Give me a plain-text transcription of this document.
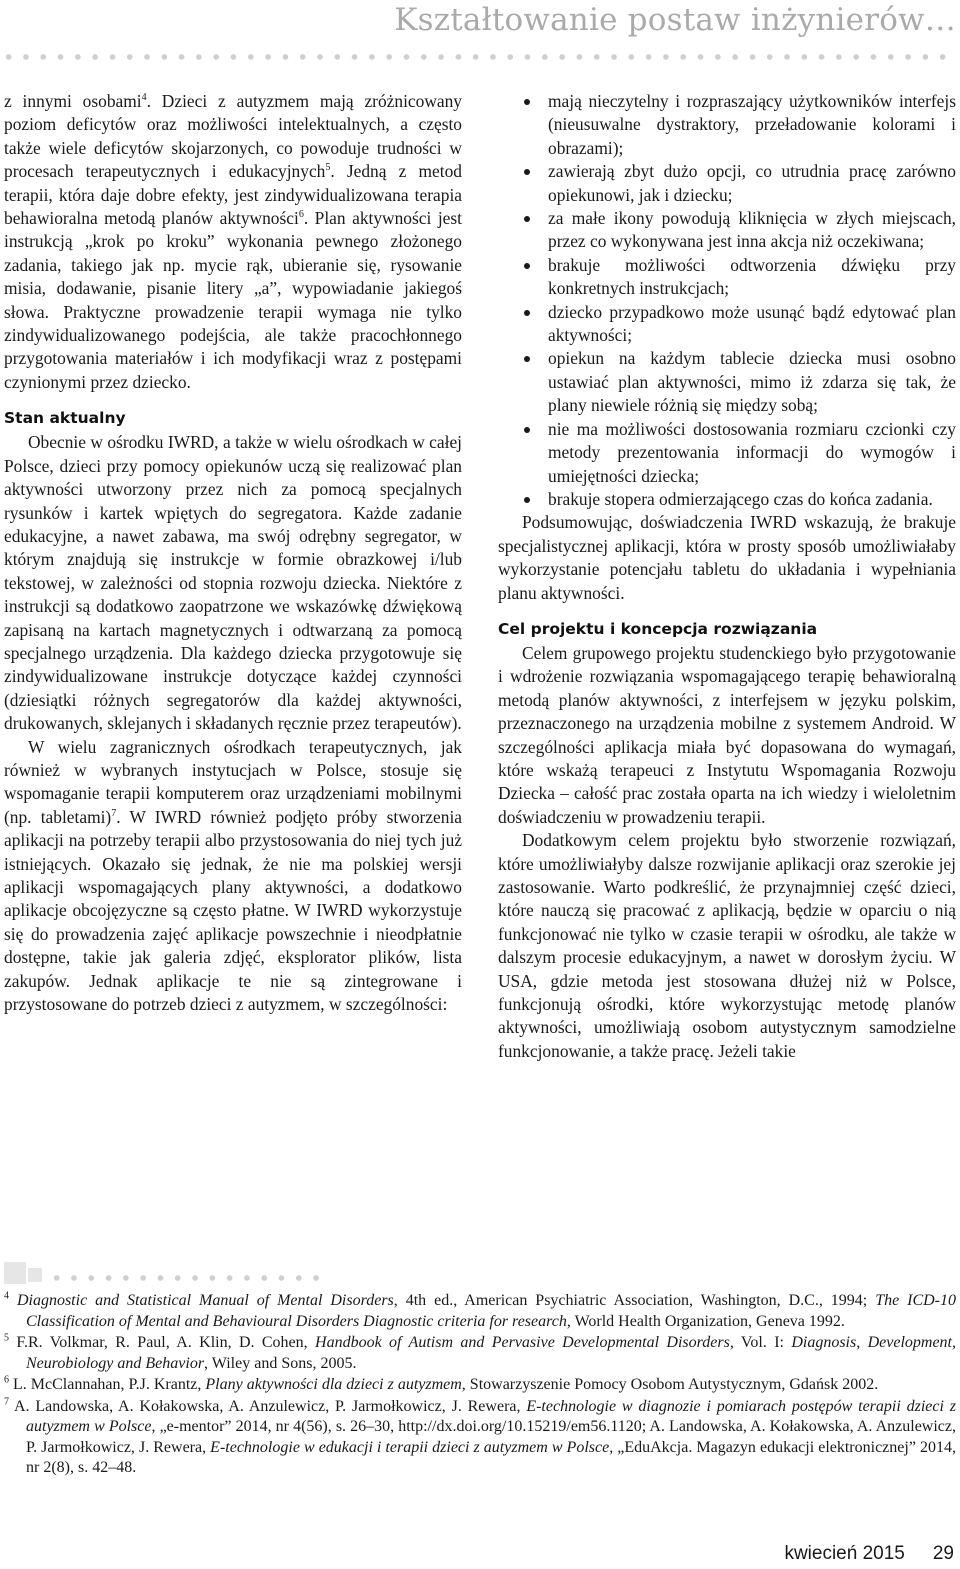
Kształtowanie postaw inżynierów…

z innymi osobami$^4$. Dzieci z autyzmem mają zróżnicowany poziom deficytów oraz możliwości intelektualnych, a często także wiele deficytów skojarzonych, co powoduje trudności w procesach terapeutycznych i edukacyjnych$^5$. Jedną z metod terapii, która daje dobre efekty, jest zindywidualizowana terapia behawioralna metodą planów aktywności$^6$. Plan aktywności jest instrukcją „krok po kroku” wykonania pewnego złożonego zadania, takiego jak np. mycie rąk, ubieranie się, rysowanie misia, dodawanie, pisanie litery „a”, wypowiadanie jakiegoś słowa. Praktyczne prowadzenie terapii wymaga nie tylko zindywidualizowanego podejścia, ale także pracochłonnego przygotowania materiałów i ich modyfikacji wraz z postępami czynionymi przez dziecko.

Stan aktualny

Obecnie w ośrodku IWRD, a także w wielu ośrodkach w całej Polsce, dzieci przy pomocy opiekunów uczą się realizować plan aktywności utworzony przez nich za pomocą specjalnych rysunków i kartek wpiętych do segregatora. Każde zadanie edukacyjne, a nawet zabawa, ma swój odrębny segregator, w którym znajdują się instrukcje w formie obrazkowej i/lub tekstowej, w zależności od stopnia rozwoju dziecka. Niektóre z instrukcji są dodatkowo zaopatrzone we wskazówkę dźwiękową zapisaną na kartach magnetycznych i odtwarzaną za pomocą specjalnego urządzenia. Dla każdego dziecka przygotowuje się zindywidualizowane instrukcje dotyczące każdej czynności (dziesiątki różnych segregatorów dla każdej aktywności, drukowanych, sklejanych i składanych ręcznie przez terapeutów).

W wielu zagranicznych ośrodkach terapeutycznych, jak również w wybranych instytucjach w Polsce, stosuje się wspomaganie terapii komputerem oraz urządzeniami mobilnymi (np. tabletami)$^7$. W IWRD również podjęto próby stworzenia aplikacji na potrzeby terapii albo przystosowania do niej tych już istniejących. Okazało się jednak, że nie ma polskiej wersji aplikacji wspomagających plany aktywności, a dodatkowo aplikacje obcojęzyczne są często płatne. W IWRD wykorzystuje się do prowadzenia zajęć aplikacje powszechnie i nieodpłatnie dostępne, takie jak galeria zdjęć, eksplorator plików, lista zakupów. Jednak aplikacje te nie są zintegrowane i przystosowane do potrzeb dzieci z autyzmem, w szczególności:

mają nieczytelny i rozpraszający użytkowników interfejs (nieusuwalne dystraktory, przeładowanie kolorami i obrazami);
zawierają zbyt dużo opcji, co utrudnia pracę zarówno opiekunowi, jak i dziecku;
za małe ikony powodują kliknięcia w złych miejscach, przez co wykonywana jest inna akcja niż oczekiwana;
brakuje możliwości odtworzenia dźwięku przy konkretnych instrukcjach;
dziecko przypadkowo może usunąć bądź edytować plan aktywności;
opiekun na każdym tablecie dziecka musi osobno ustawiać plan aktywności, mimo iż zdarza się tak, że plany niewiele różnią się między sobą;
nie ma możliwości dostosowania rozmiaru czcionki czy metody prezentowania informacji do wymogów i umiejętności dziecka;
brakuje stopera odmierzającego czas do końca zadania.

Podsumowując, doświadczenia IWRD wskazują, że brakuje specjalistycznej aplikacji, która w prosty sposób umożliwiałaby wykorzystanie potencjału tabletu do układania i wypełniania planu aktywności.

Cel projektu i koncepcja rozwiązania

Celem grupowego projektu studenckiego było przygotowanie i wdrożenie rozwiązania wspomagającego terapię behawioralną metodą planów aktywności, z interfejsem w języku polskim, przeznaczonego na urządzenia mobilne z systemem Android. W szczególności aplikacja miała być dopasowana do wymagań, które wskażą terapeuci z Instytutu Wspomagania Rozwoju Dziecka – całość prac została oparta na ich wiedzy i wieloletnim doświadczeniu w prowadzeniu terapii.

Dodatkowym celem projektu było stworzenie rozwiązań, które umożliwiałyby dalsze rozwijanie aplikacji oraz szerokie jej zastosowanie. Warto podkreślić, że przynajmniej część dzieci, które nauczą się pracować z aplikacją, będzie w oparciu o nią funkcjonować nie tylko w czasie terapii w ośrodku, ale także w dalszym procesie edukacyjnym, a nawet w dorosłym życiu. W USA, gdzie metoda jest stosowana dłużej niż w Polsce, funkcjonują ośrodki, które wykorzystując metodę planów aktywności, umożliwiają osobom autystycznym samodzielne funkcjonowanie, a także pracę. Jeżeli takie

$^4$ Diagnostic and Statistical Manual of Mental Disorders, 4th ed., American Psychiatric Association, Washington, D.C., 1994; The ICD-10 Classification of Mental and Behavioural Disorders Diagnostic criteria for research, World Health Organization, Geneva 1992.

$^5$ F.R. Volkmar, R. Paul, A. Klin, D. Cohen, Handbook of Autism and Pervasive Developmental Disorders, Vol. I: Diagnosis, Development, Neurobiology and Behavior, Wiley and Sons, 2005.

$^6$ L. McClannahan, P.J. Krantz, Plany aktywności dla dzieci z autyzmem, Stowarzyszenie Pomocy Osobom Autystycznym, Gdańsk 2002.

$^7$ A. Landowska, A. Kołakowska, A. Anzulewicz, P. Jarmołkowicz, J. Rewera, E-technologie w diagnozie i pomiarach postępów terapii dzieci z autyzmem w Polsce, „e-mentor” 2014, nr 4(56), s. 26–30, http://dx.doi.org/10.15219/em56.1120; A. Landowska, A. Kołakowska, A. Anzulewicz, P. Jarmołkowicz, J. Rewera, E-technologie w edukacji i terapii dzieci z autyzmem w Polsce, „EduAkcja. Magazyn edukacji elektronicznej” 2014, nr 2(8), s. 42–48.

kwiecień 2015 29
